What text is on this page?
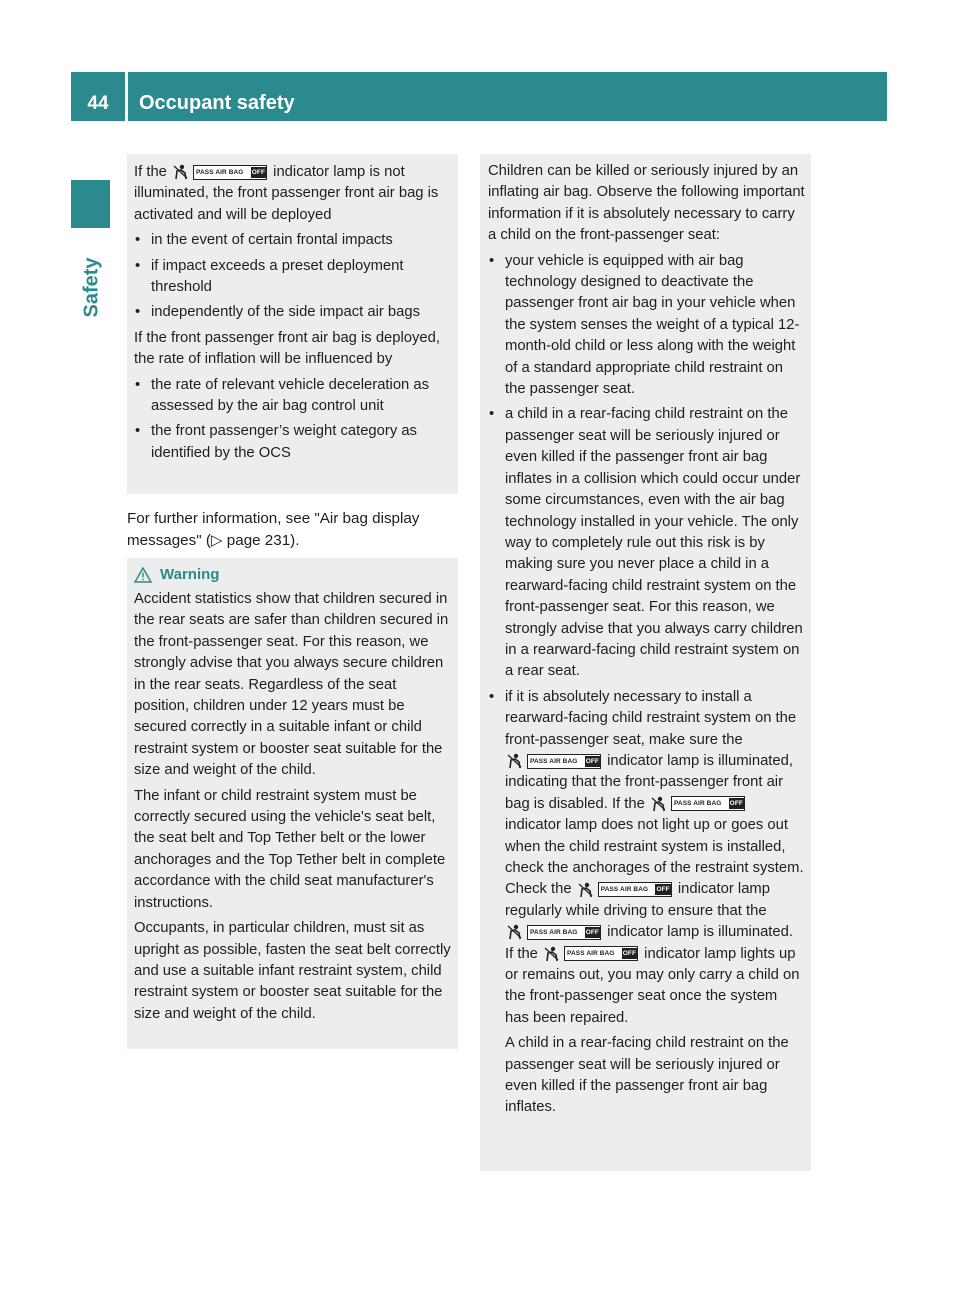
44	Occupant safety
Safety

If the	PASS AIR BAG OFF indicator lamp is not illuminated, the front passenger front air bag is activated and will be deployed

• in the event of certain frontal impacts
• if impact exceeds a preset deployment threshold
• independently of the side impact air bags

If the front passenger front air bag is deployed, the rate of inflation will be influenced by

• the rate of relevant vehicle deceleration as assessed by the air bag control unit
• the front passenger’s weight category as identified by the OCS
For further information, see "Air bag display messages" (▷ page 231).
Warning

Accident statistics show that children secured in the rear seats are safer than children secured in the front-passenger seat. For this reason, we strongly advise that you always secure children in the rear seats. Regardless of the seat position, children under 12 years must be secured correctly in a suitable infant or child restraint system or booster seat suitable for the size and weight of the child.

The infant or child restraint system must be correctly secured using the vehicle's seat belt, the seat belt and Top Tether belt or the lower anchorages and the Top Tether belt in complete accordance with the child seat manufacturer's instructions.

Occupants, in particular children, must sit as upright as possible, fasten the seat belt correctly and use a suitable infant restraint system, child restraint system or booster seat suitable for the size and weight of the child.

Children can be killed or seriously injured by an inflating air bag. Observe the following important information if it is absolutely necessary to carry a child on the front-passenger seat:

• your vehicle is equipped with air bag technology designed to deactivate the passenger front air bag in your vehicle when the system senses the weight of a typical 12-month-old child or less along with the weight of a standard appropriate child restraint on the passenger seat.
• a child in a rear-facing child restraint on the passenger seat will be seriously injured or even killed if the passenger front air bag inflates in a collision which could occur under some circumstances, even with the air bag technology installed in your vehicle. The only way to completely rule out this risk is by making sure you never place a child in a rearward-facing child restraint system on the front-passenger seat. For this reason, we strongly advise that you always carry children in a rearward-facing child restraint system on a rear seat.
• if it is absolutely necessary to install a rearward-facing child restraint system on the front-passenger seat, make sure the
PASS AIR BAG OFF indicator lamp is illuminated, indicating that the front-passenger front air bag is disabled. If the	PASS AIR BAG OFF
indicator lamp does not light up or goes out when the child restraint system is installed, check the anchorages of the restraint system. Check the	PASS AIR BAG OFF indicator lamp regularly while driving to ensure that the
PASS AIR BAG OFF indicator lamp is illuminated. If the	PASS AIR BAG OFF indicator lamp lights up or remains out, you may only carry a child on the front-passenger seat once the system has been repaired.

A child in a rear-facing child restraint on the passenger seat will be seriously injured or even killed if the passenger front air bag inflates.
